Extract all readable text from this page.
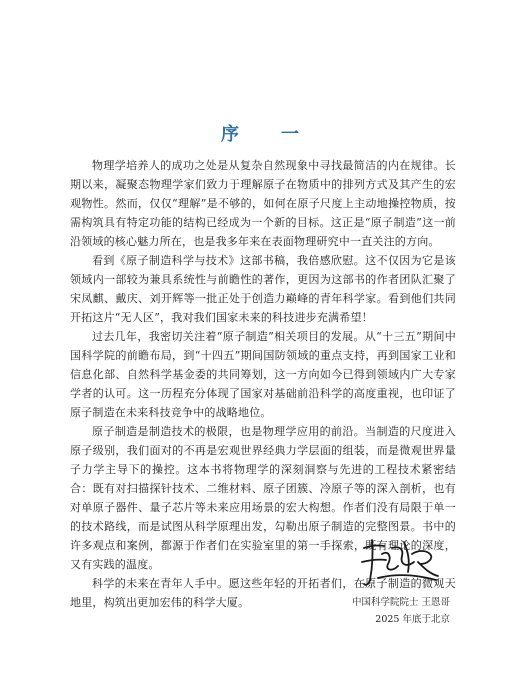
序 一

物理学培养人的成功之处是从复杂自然现象中寻找最简洁的内在规律。长期以来，凝聚态物理学家们致力于理解原子在物质中的排列方式及其产生的宏观物性。然而，仅仅“理解”是不够的，如何在原子尺度上主动地操控物质，按需构筑具有特定功能的结构已经成为一个新的目标。这正是“原子制造”这一前沿领域的核心魅力所在，也是我多年来在表面物理研究中一直关注的方向。

看到《原子制造科学与技术》这部书稿，我倍感欣慰。这不仅因为它是该领域内一部较为兼具系统性与前瞻性的著作，更因为这部书的作者团队汇聚了宋凤麒、戴庆、刘开辉等一批正处于创造力巅峰的青年科学家。看到他们共同开拓这片“无人区”，我对我们国家未来的科技进步充满希望！

过去几年，我密切关注着“原子制造”相关项目的发展。从“十三五”期间中国科学院的前瞻布局，到“十四五”期间国防领域的重点支持，再到国家工业和信息化部、自然科学基金委的共同筹划，这一方向如今已得到领域内广大专家学者的认可。这一历程充分体现了国家对基础前沿科学的高度重视，也印证了原子制造在未来科技竞争中的战略地位。

原子制造是制造技术的极限，也是物理学应用的前沿。当制造的尺度进入原子级别，我们面对的不再是宏观世界经典力学层面的组装，而是微观世界量子力学主导下的操控。这本书将物理学的深刻洞察与先进的工程技术紧密结合：既有对扫描探针技术、二维材料、原子团簇、冷原子等的深入剖析，也有对单原子器件、量子芯片等未来应用场景的宏大构想。作者们没有局限于单一的技术路线，而是试图从科学原理出发，勾勒出原子制造的完整图景。书中的许多观点和案例，都源于作者们在实验室里的第一手探索，既有理论的深度，又有实践的温度。

科学的未来在青年人手中。愿这些年轻的开拓者们，在原子制造的微观天地里，构筑出更加宏伟的科学大厦。	中国科学院院士 王恩哥
2025 年底于北京
